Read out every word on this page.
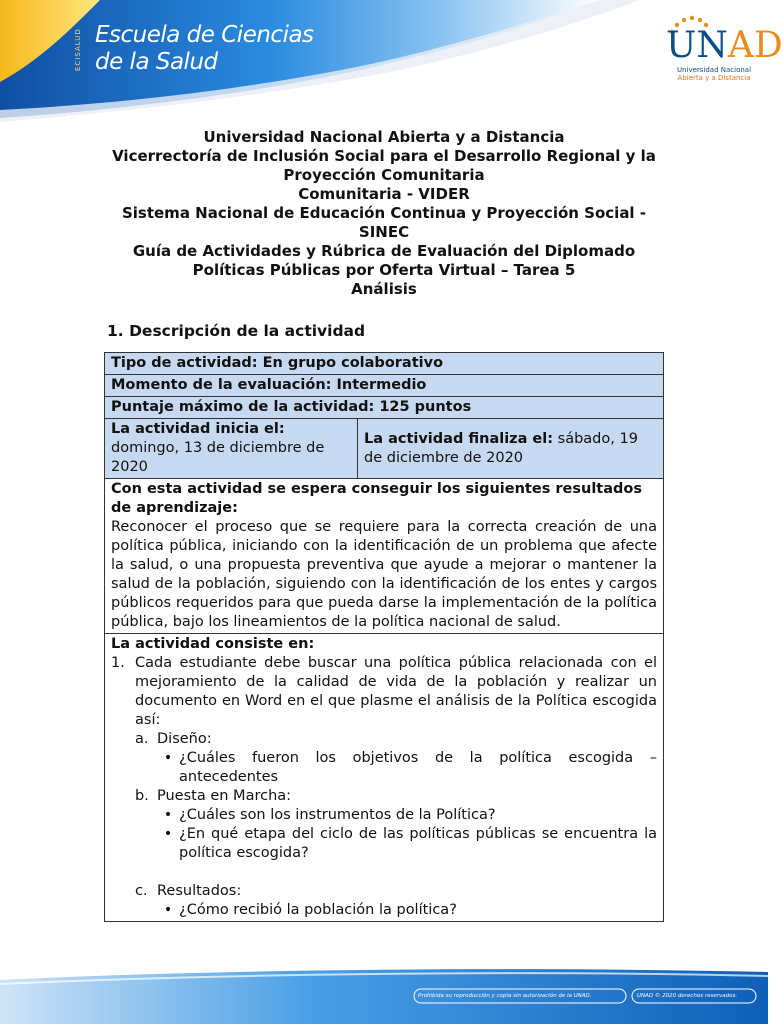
ECISALUD Escuela de Ciencias
de la Salud	UNAD
Universidad Nacional
Abierta y a Distancia
Universidad Nacional Abierta y a Distancia
Vicerrectoría de Inclusión Social para el Desarrollo Regional y la
Proyección Comunitaria
Comunitaria - VIDER
Sistema Nacional de Educación Continua y Proyección Social -
SINEC
Guía de Actividades y Rúbrica de Evaluación del Diplomado
Políticas Públicas por Oferta Virtual – Tarea 5
Análisis
1. Descripción de la actividad
Tipo de actividad: En grupo colaborativo
Momento de la evaluación: Intermedio
Puntaje máximo de la actividad: 125 puntos

La actividad inicia el:
domingo, 13 de diciembre de 2020
	La actividad finaliza el: sábado, 19 de diciembre de 2020

Con esta actividad se espera conseguir los siguientes resultados de aprendizaje:
Reconocer el proceso que se requiere para la correcta creación de una política pública, iniciando con la identificación de un problema que afecte la salud, o una propuesta preventiva que ayude a mejorar o mantener la salud de la población, siguiendo con la identificación de los entes y cargos públicos requeridos para que pueda darse la implementación de la política pública, bajo los lineamientos de la política nacional de salud.

La actividad consiste en:
1. Cada estudiante debe buscar una política pública relacionada con el mejoramiento de la calidad de vida de la población y realizar un documento en Word en el que plasme el análisis de la Política escogida así:
a. Diseño:
• ¿Cuáles fueron los objetivos de la política escogida – antecedentes
b. Puesta en Marcha:
• ¿Cuáles son los instrumentos de la Política?
• ¿En qué etapa del ciclo de las políticas públicas se encuentra la política escogida?
c. Resultados:
• ¿Cómo recibió la población la política?
Prohibida su reproducción y copia sin autorización de la UNAD.	UNAD © 2020 derechos reservados.
